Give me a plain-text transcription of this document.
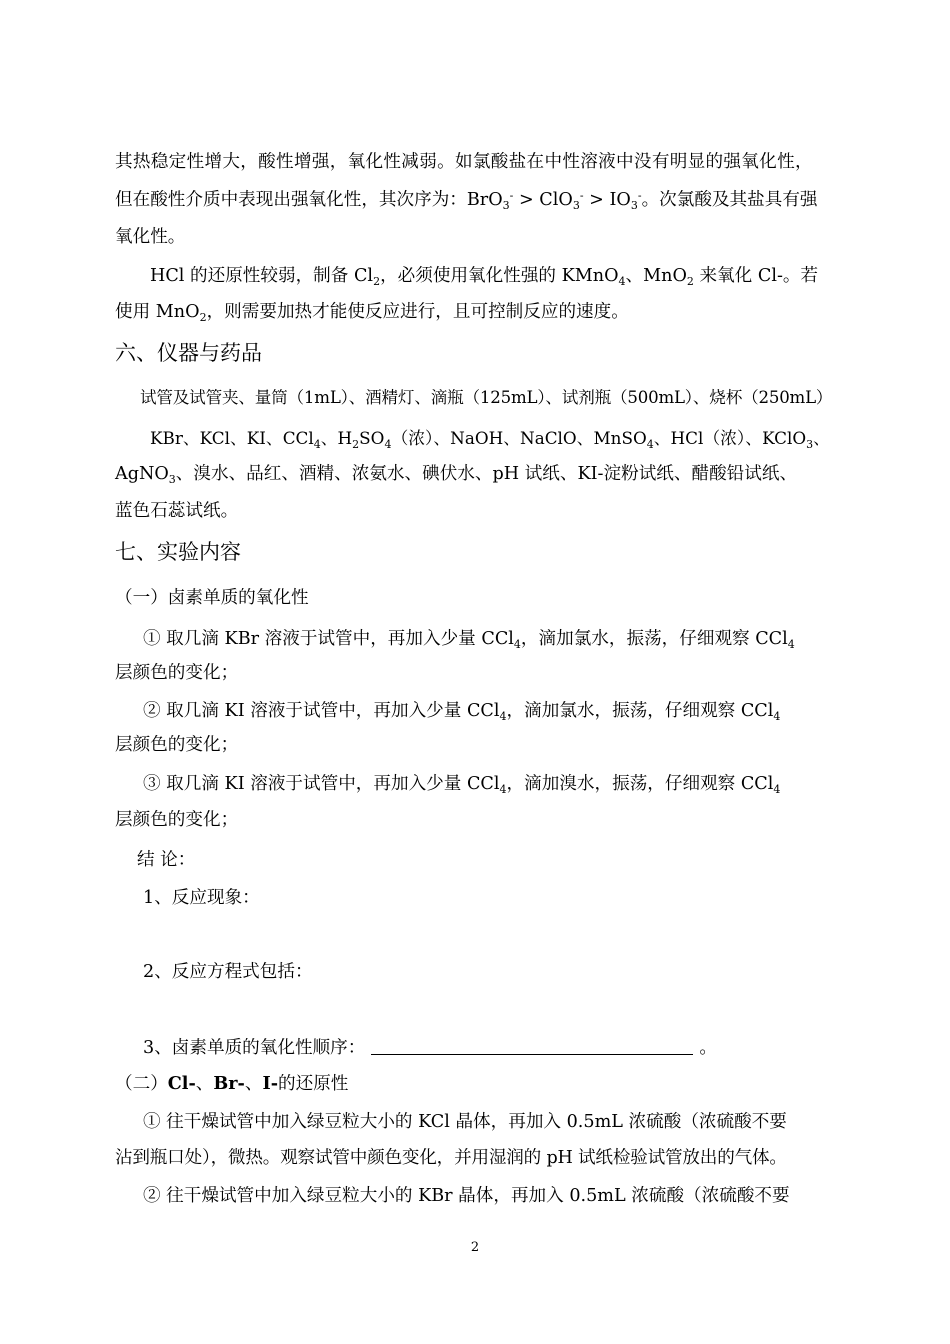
其热稳定性增大，酸性增强，氧化性减弱。如氯酸盐在中性溶液中没有明显的强氧化性，
但在酸性介质中表现出强氧化性，其次序为：$BrO_3^- > ClO_3^- > IO_3^-$。次氯酸及其盐具有强
氧化性。
HCl 的还原性较弱，制备 $Cl_2$，必须使用氧化性强的 KMnO$_4$、MnO$_2$ 来氧化 Cl-。若
使用 MnO$_2$，则需要加热才能使反应进行，且可控制反应的速度。
六、仪器与药品
试管及试管夹、量筒（1mL）、酒精灯、滴瓶（125mL）、试剂瓶（500mL）、烧杯（250mL）
KBr、KCl、KI、CCl$_4$、$H_2SO_4$（浓）、NaOH、NaClO、MnSO$_4$、HCl（浓）、KClO$_3$、
AgNO$_3$、溴水、品红、酒精、浓氨水、碘伏水、pH 试纸、KI-淀粉试纸、醋酸铅试纸、
蓝色石蕊试纸。
七、实验内容
（一）卤素单质的氧化性
① 取几滴 KBr 溶液于试管中，再加入少量 CCl$_4$，滴加氯水，振荡，仔细观察 CCl$_4$
层颜色的变化；
② 取几滴 KI 溶液于试管中，再加入少量 CCl$_4$，滴加氯水，振荡，仔细观察 CCl$_4$
层颜色的变化；
③ 取几滴 KI 溶液于试管中，再加入少量 CCl$_4$，滴加溴水，振荡，仔细观察 CCl$_4$
层颜色的变化；
结 论：
1、反应现象：
2、反应方程式包括：
3、卤素单质的氧化性顺序：	。
（二）Cl-、Br-、I-的还原性
① 往干燥试管中加入绿豆粒大小的 KCl 晶体，再加入 0.5mL 浓硫酸（浓硫酸不要
沾到瓶口处），微热。观察试管中颜色变化，并用湿润的 pH 试纸检验试管放出的气体。
② 往干燥试管中加入绿豆粒大小的 KBr 晶体，再加入 0.5mL 浓硫酸（浓硫酸不要
2
